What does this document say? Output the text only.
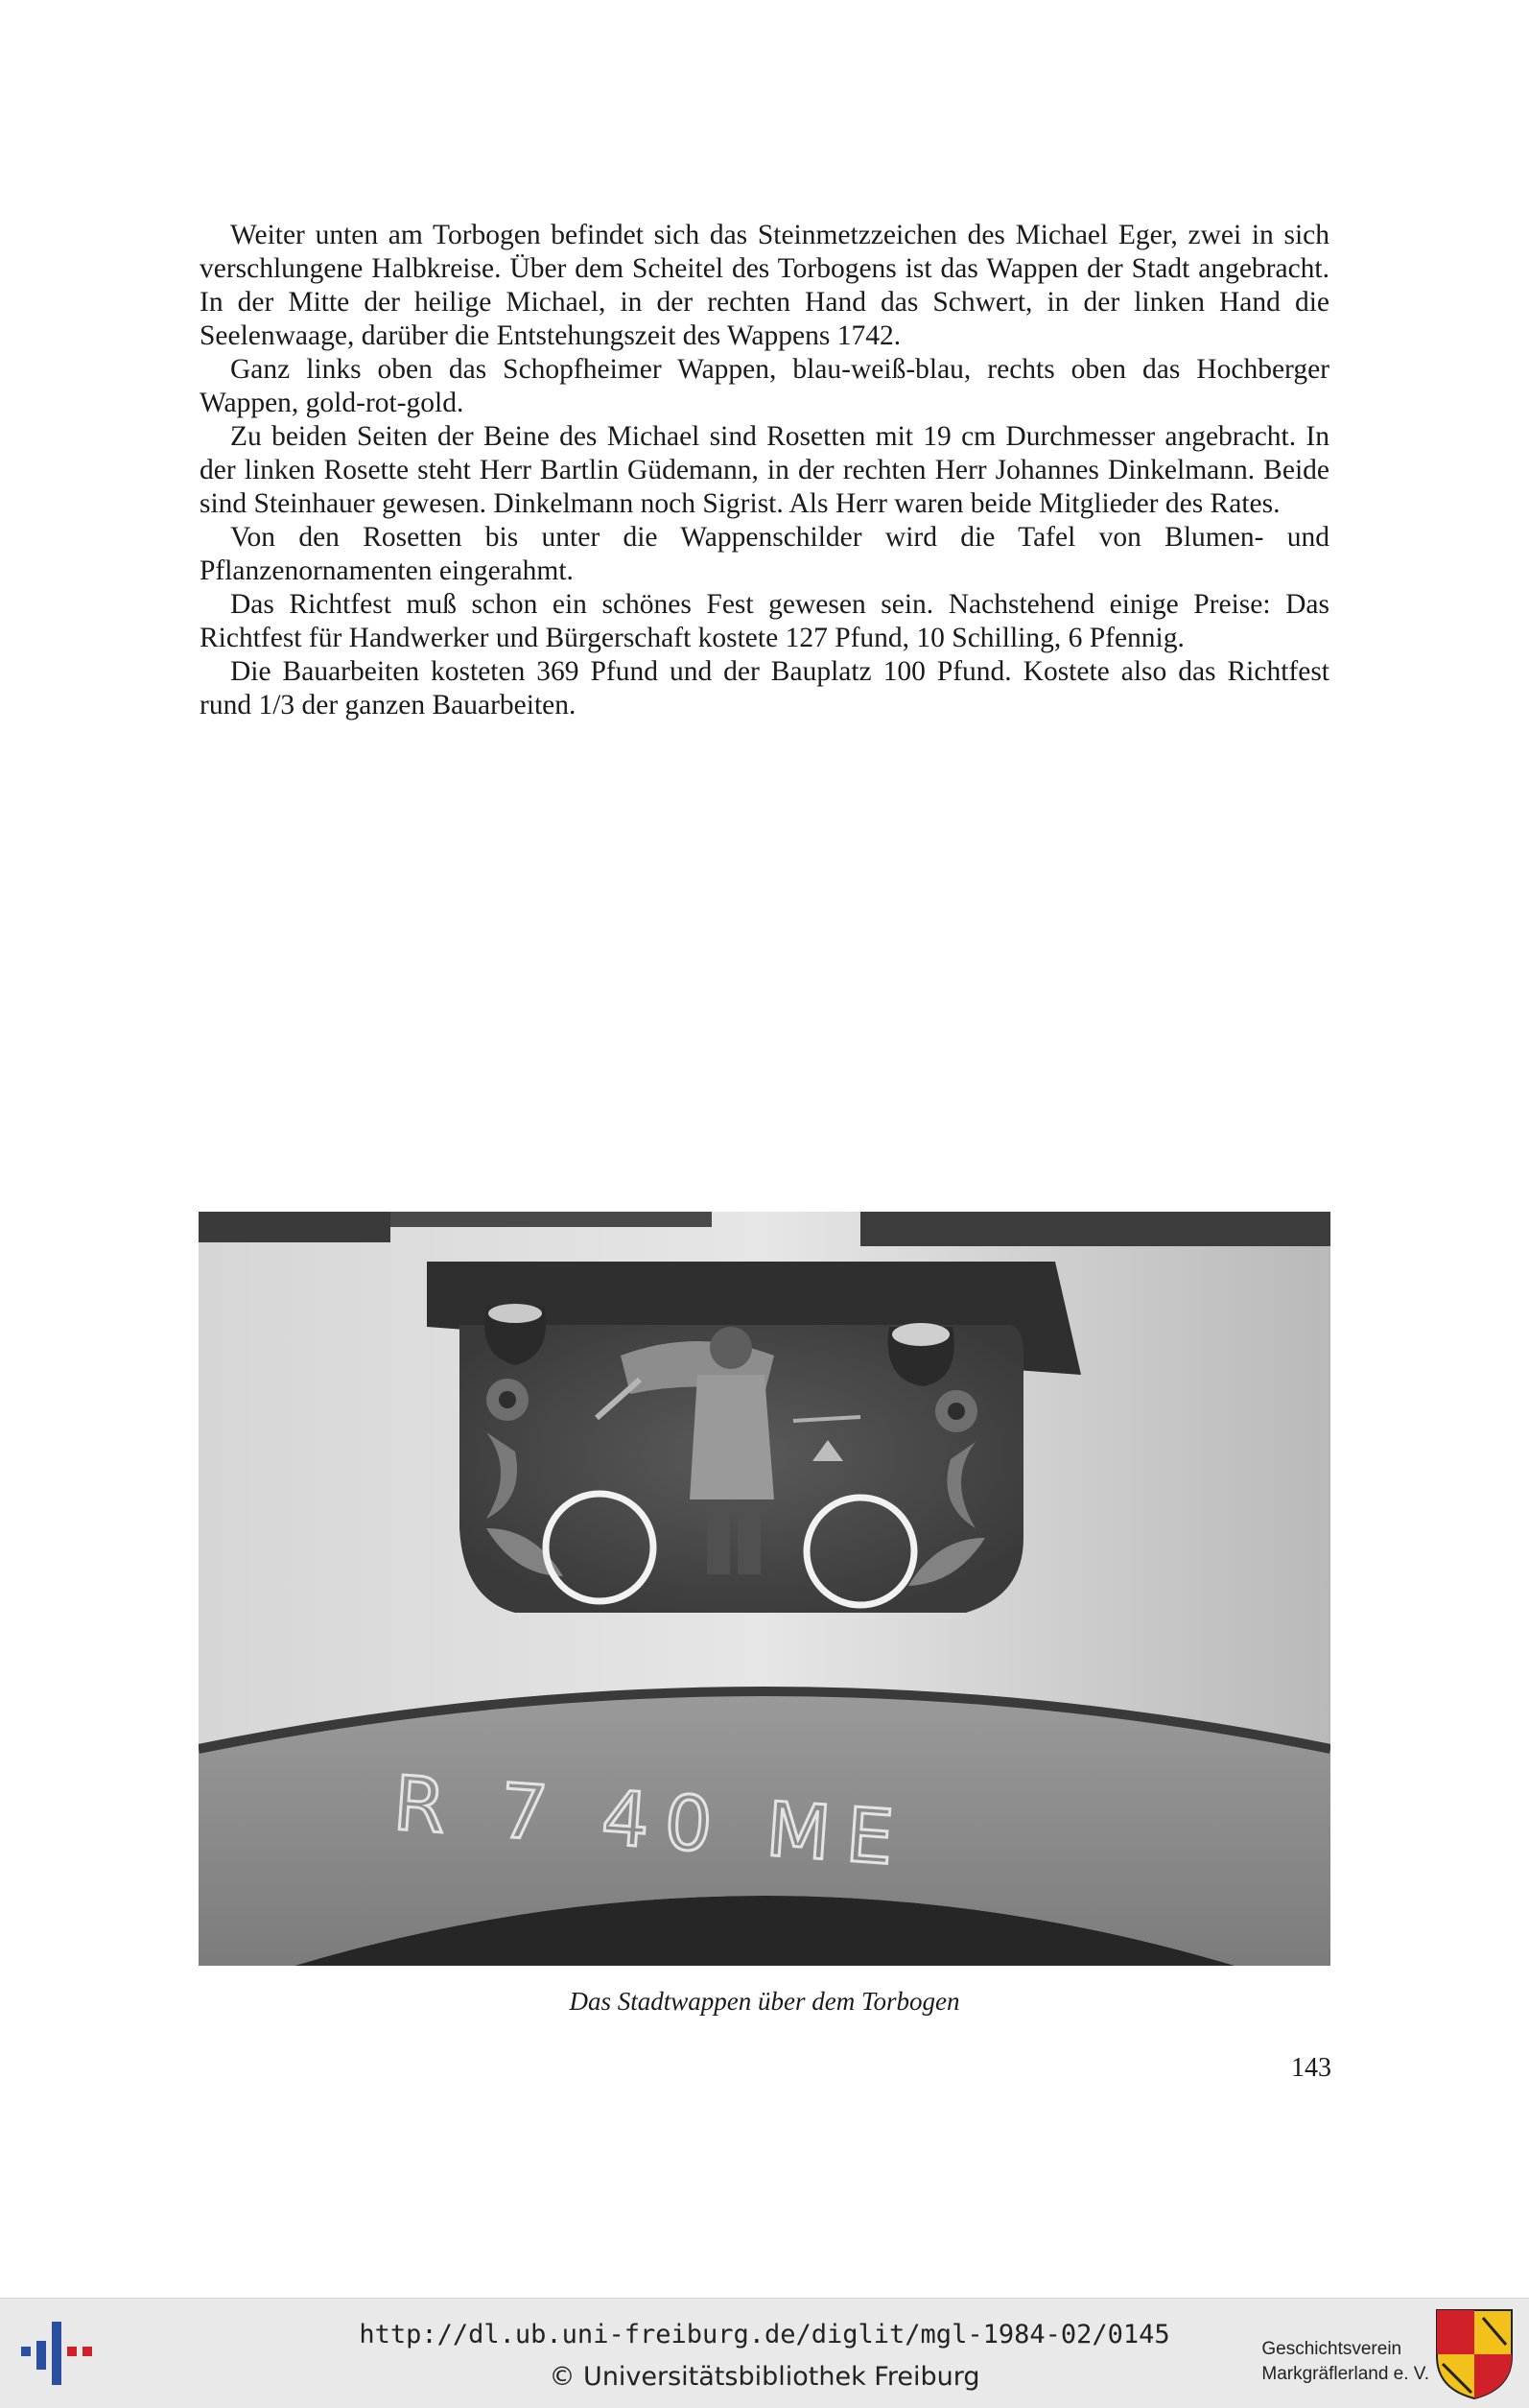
Weiter unten am Torbogen befindet sich das Steinmetzzeichen des Michael Eger, zwei in sich verschlungene Halbkreise. Über dem Scheitel des Torbogens ist das Wappen der Stadt angebracht. In der Mitte der heilige Michael, in der rechten Hand das Schwert, in der linken Hand die Seelenwaage, darüber die Entstehungszeit des Wappens 1742.

Ganz links oben das Schopfheimer Wappen, blau-weiß-blau, rechts oben das Hochberger Wappen, gold-rot-gold.

Zu beiden Seiten der Beine des Michael sind Rosetten mit 19 cm Durchmesser angebracht. In der linken Rosette steht Herr Bartlin Güdemann, in der rechten Herr Johannes Dinkelmann. Beide sind Steinhauer gewesen. Dinkelmann noch Sigrist. Als Herr waren beide Mitglieder des Rates.

Von den Rosetten bis unter die Wappenschilder wird die Tafel von Blumen- und Pflanzenornamenten eingerahmt.

Das Richtfest muß schon ein schönes Fest gewesen sein. Nachstehend einige Preise: Das Richtfest für Handwerker und Bürgerschaft kostete 127 Pfund, 10 Schilling, 6 Pfennig.

Die Bauarbeiten kosteten 369 Pfund und der Bauplatz 100 Pfund. Kostete also das Richtfest rund 1/3 der ganzen Bauarbeiten.

R 7 40 ME
Das Stadtwappen über dem Torbogen
143
http://dl.ub.uni-freiburg.de/diglit/mgl-1984-02/0145
© Universitätsbibliothek Freiburg
Geschichtsverein
Markgräflerland e. V.
